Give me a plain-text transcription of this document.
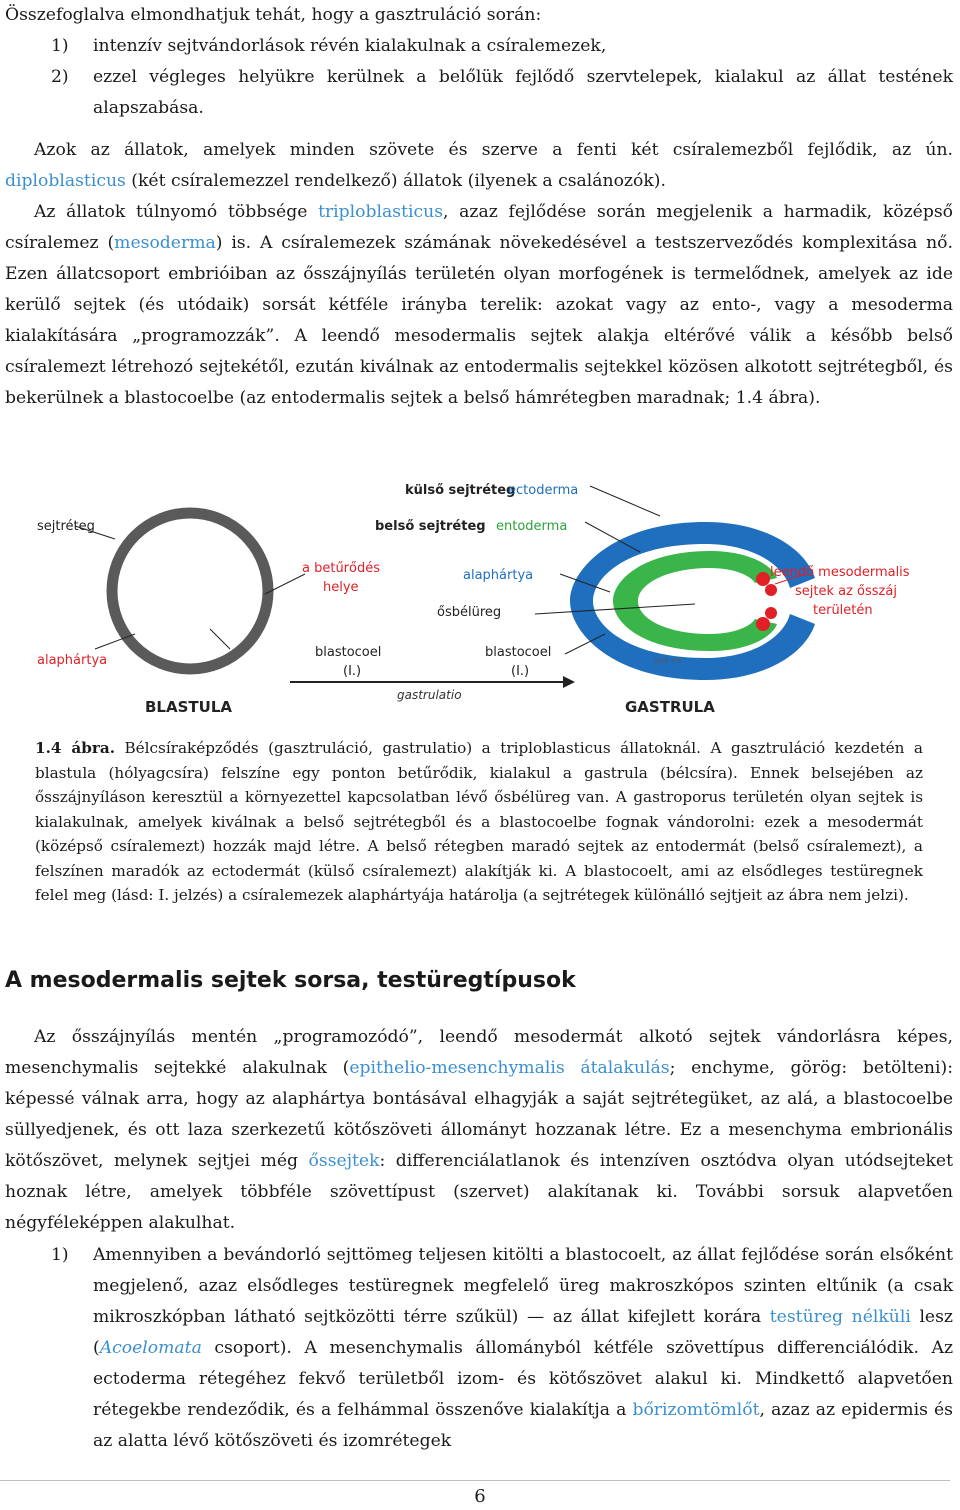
Összefoglalva elmondhatjuk tehát, hogy a gasztruláció során:

1)	intenzív sejtvándorlások révén kialakulnak a csíralemezek,
2)	ezzel végleges helyükre kerülnek a belőlük fejlődő szervtelepek, kialakul az állat testének alapszabása.

Azok az állatok, amelyek minden szövete és szerve a fenti két csíralemezből fejlődik, az ún. diploblasticus (két csíralemezzel rendelkező) állatok (ilyenek a csalánozók).

Az állatok túlnyomó többsége triploblasticus, azaz fejlődése során megjelenik a harmadik, középső csíralemez (mesoderma) is. A csíralemezek számának növekedésével a testszerveződés komplexitása nő. Ezen állatcsoport embrióiban az ősszájnyílás területén olyan morfogének is termelődnek, amelyek az ide kerülő sejtek (és utódaik) sorsát kétféle irányba terelik: azokat vagy az ento-, vagy a mesoderma kialakítására „programozzák”. A leendő mesodermalis sejtek alakja eltérővé válik a később belső csíralemezt létrehozó sejtekétől, ezután kiválnak az entodermalis sejtekkel közösen alkotott sejtrétegből, és bekerülnek a blastocoelbe (az entodermalis sejtek a belső hámrétegben maradnak; 1.4 ábra).

gastrulatio
sejtréteg
külső sejtréteg
ectoderma
belső sejtréteg entoderma
a betűrődés
helye
alaphártya
ősbélüreg
alaphártya
blastocoel
(I.)
blastocoel
(I.)
leendő mesodermalis
sejtek az ősszáj
területén
BLASTULA	GASTRULA
ELTE TTK

1.4 ábra. Bélcsíraképződés (gasztruláció, gastrulatio) a triploblasticus állatoknál. A gasztruláció kezdetén a blastula (hólyagcsíra) felszíne egy ponton betűrődik, kialakul a gastrula (bélcsíra). Ennek belsejében az ősszájnyíláson keresztül a környezettel kapcsolatban lévő ősbélüreg van. A gastroporus területén olyan sejtek is kialakulnak, amelyek kiválnak a belső sejtrétegből és a blastocoelbe fognak vándorolni: ezek a mesodermát (középső csíralemezt) hozzák majd létre. A belső rétegben maradó sejtek az entodermát (belső csíralemezt), a felszínen maradók az ectodermát (külső csíralemezt) alakítják ki. A blastocoelt, ami az elsődleges testüregnek felel meg (lásd: I. jelzés) a csíralemezek alaphártyája határolja (a sejtrétegek különálló sejtjeit az ábra nem jelzi).

A mesodermalis sejtek sorsa, testüregtípusok

Az ősszájnyílás mentén „programozódó”, leendő mesodermát alkotó sejtek vándorlásra képes, mesenchymalis sejtekké alakulnak (epithelio-mesenchymalis átalakulás; enchyme, görög: betölteni): képessé válnak arra, hogy az alaphártya bontásával elhagyják a saját sejtrétegüket, az alá, a blastocoelbe süllyedjenek, és ott laza szerkezetű kötőszöveti állományt hozzanak létre. Ez a mesenchyma embrionális kötőszövet, melynek sejtjei még őssejtek: differenciálatlanok és intenzíven osztódva olyan utódsejteket hoznak létre, amelyek többféle szövettípust (szervet) alakítanak ki. További sorsuk alapvetően négyféleképpen alakulhat.

1)	Amennyiben a bevándorló sejttömeg teljesen kitölti a blastocoelt, az állat fejlődése során elsőként megjelenő, azaz elsődleges testüregnek megfelelő üreg makroszkópos szinten eltűnik (a csak mikroszkópban látható sejtközötti térre szűkül) — az állat kifejlett korára testüreg nélküli lesz (Acoelomata csoport). A mesenchymalis állományból kétféle szövettípus differenciálódik. Az ectoderma rétegéhez fekvő területből izom- és kötőszövet alakul ki. Mindkettő alapvetően rétegekbe rendeződik, és a felhámmal összenőve kialakítja a bőrizomtömlőt, azaz az epidermis és az alatta lévő kötőszöveti és izomrétegek
6
